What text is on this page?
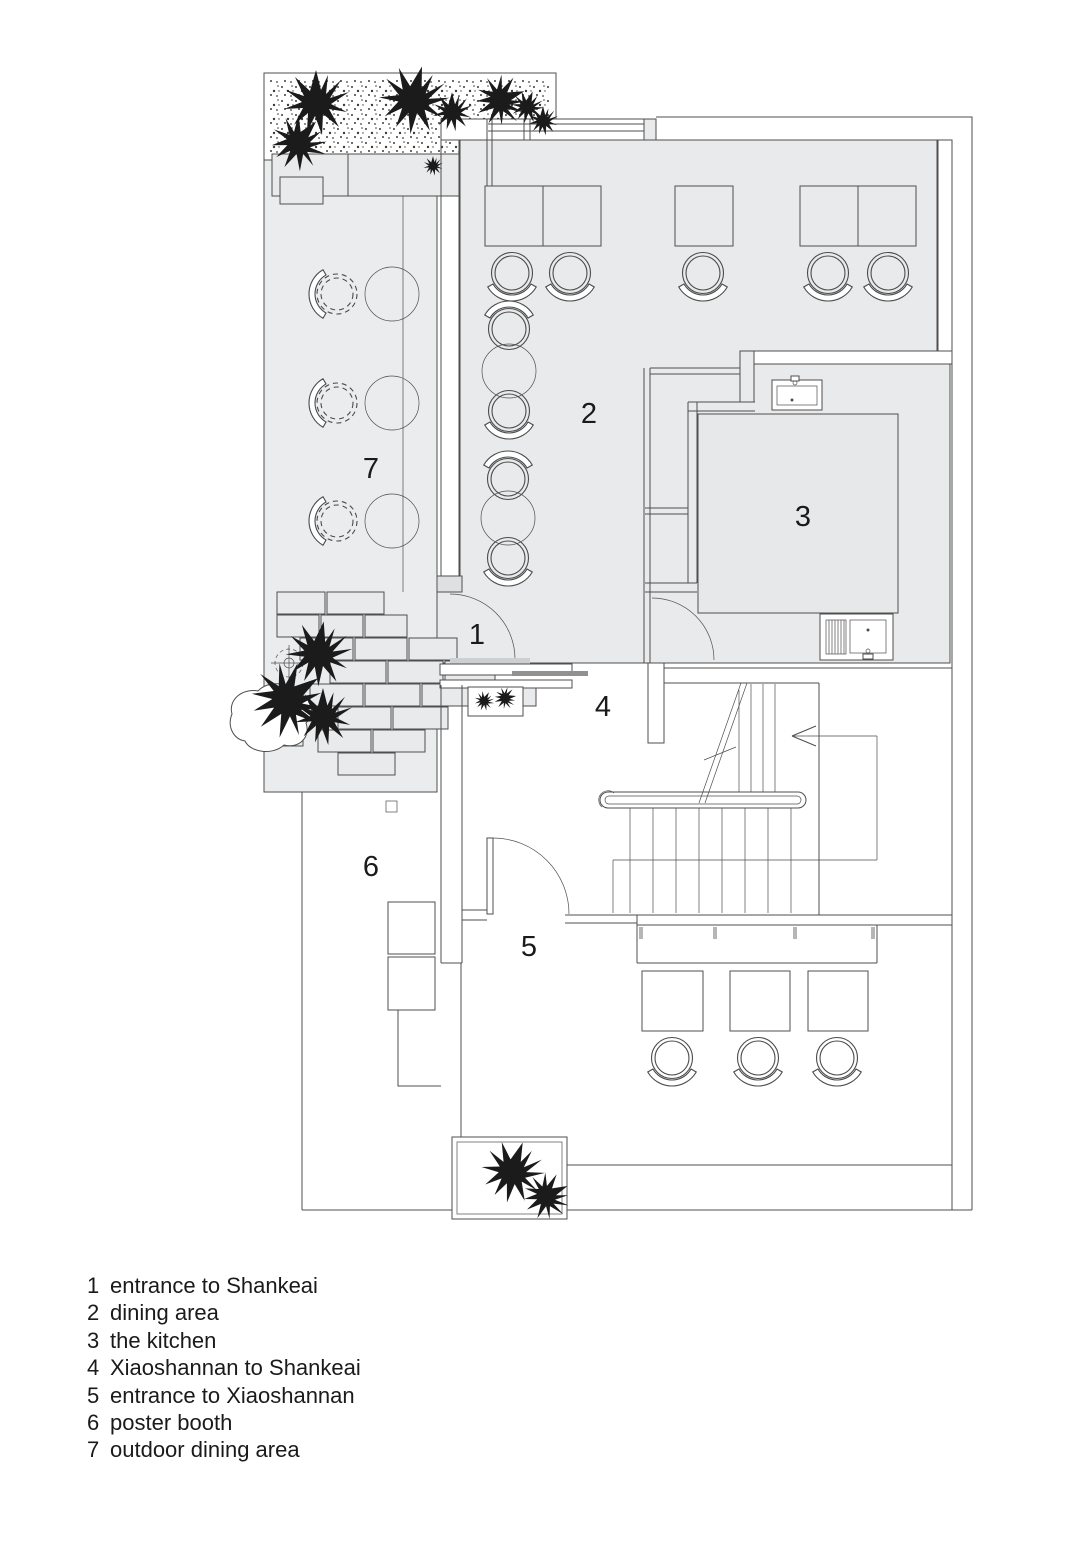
1
2
3
4
5
6
7
1 entrance to Shankeai
2 dining area
3 the kitchen
4 Xiaoshannan to Shankeai
5 entrance to Xiaoshannan
6 poster booth
7 outdoor dining area
